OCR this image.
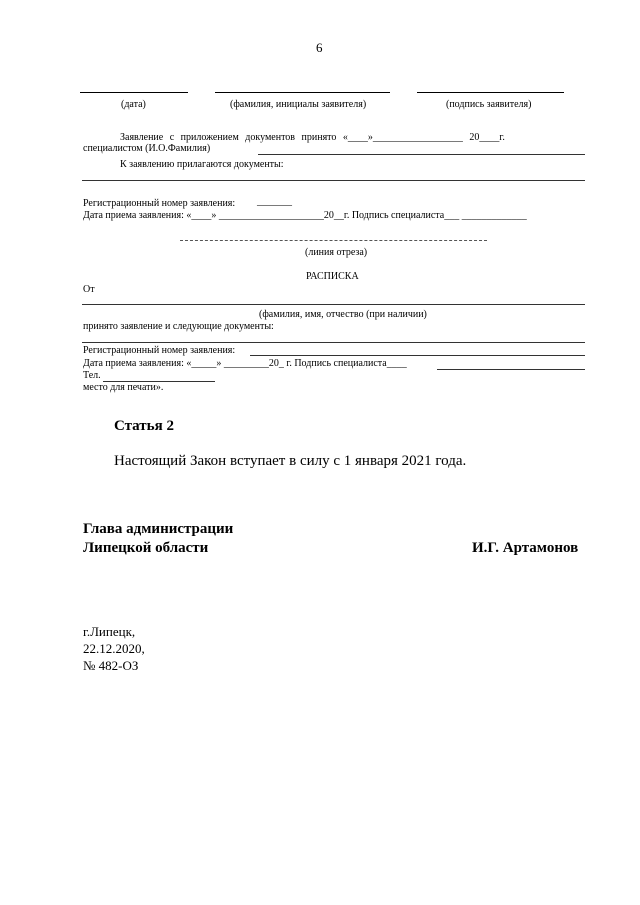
6
(дата)	(фамилия, инициалы заявителя)	(подпись заявителя)
Заявление с приложением документов принято «____»__________________ 20____г.
специалистом (И.О.Фамилия)
К заявлению прилагаются документы:
Регистрационный номер заявления: _______
Дата приема заявления: «____» _____________________20__г. Подпись специалиста___ _____________
(линия отреза)
РАСПИСКА
От
(фамилия, имя, отчество (при наличии)
принято заявление и следующие документы:
Регистрационный номер заявления:
Дата приема заявления: «_____» _________20_ г. Подпись специалиста____
Тел.
место для печати».
Статья 2
Настоящий Закон вступает в силу с 1 января 2021 года.
Глава администрации
Липецкой области	И.Г. Артамонов
г.Липецк,
22.12.2020,
№ 482-ОЗ
